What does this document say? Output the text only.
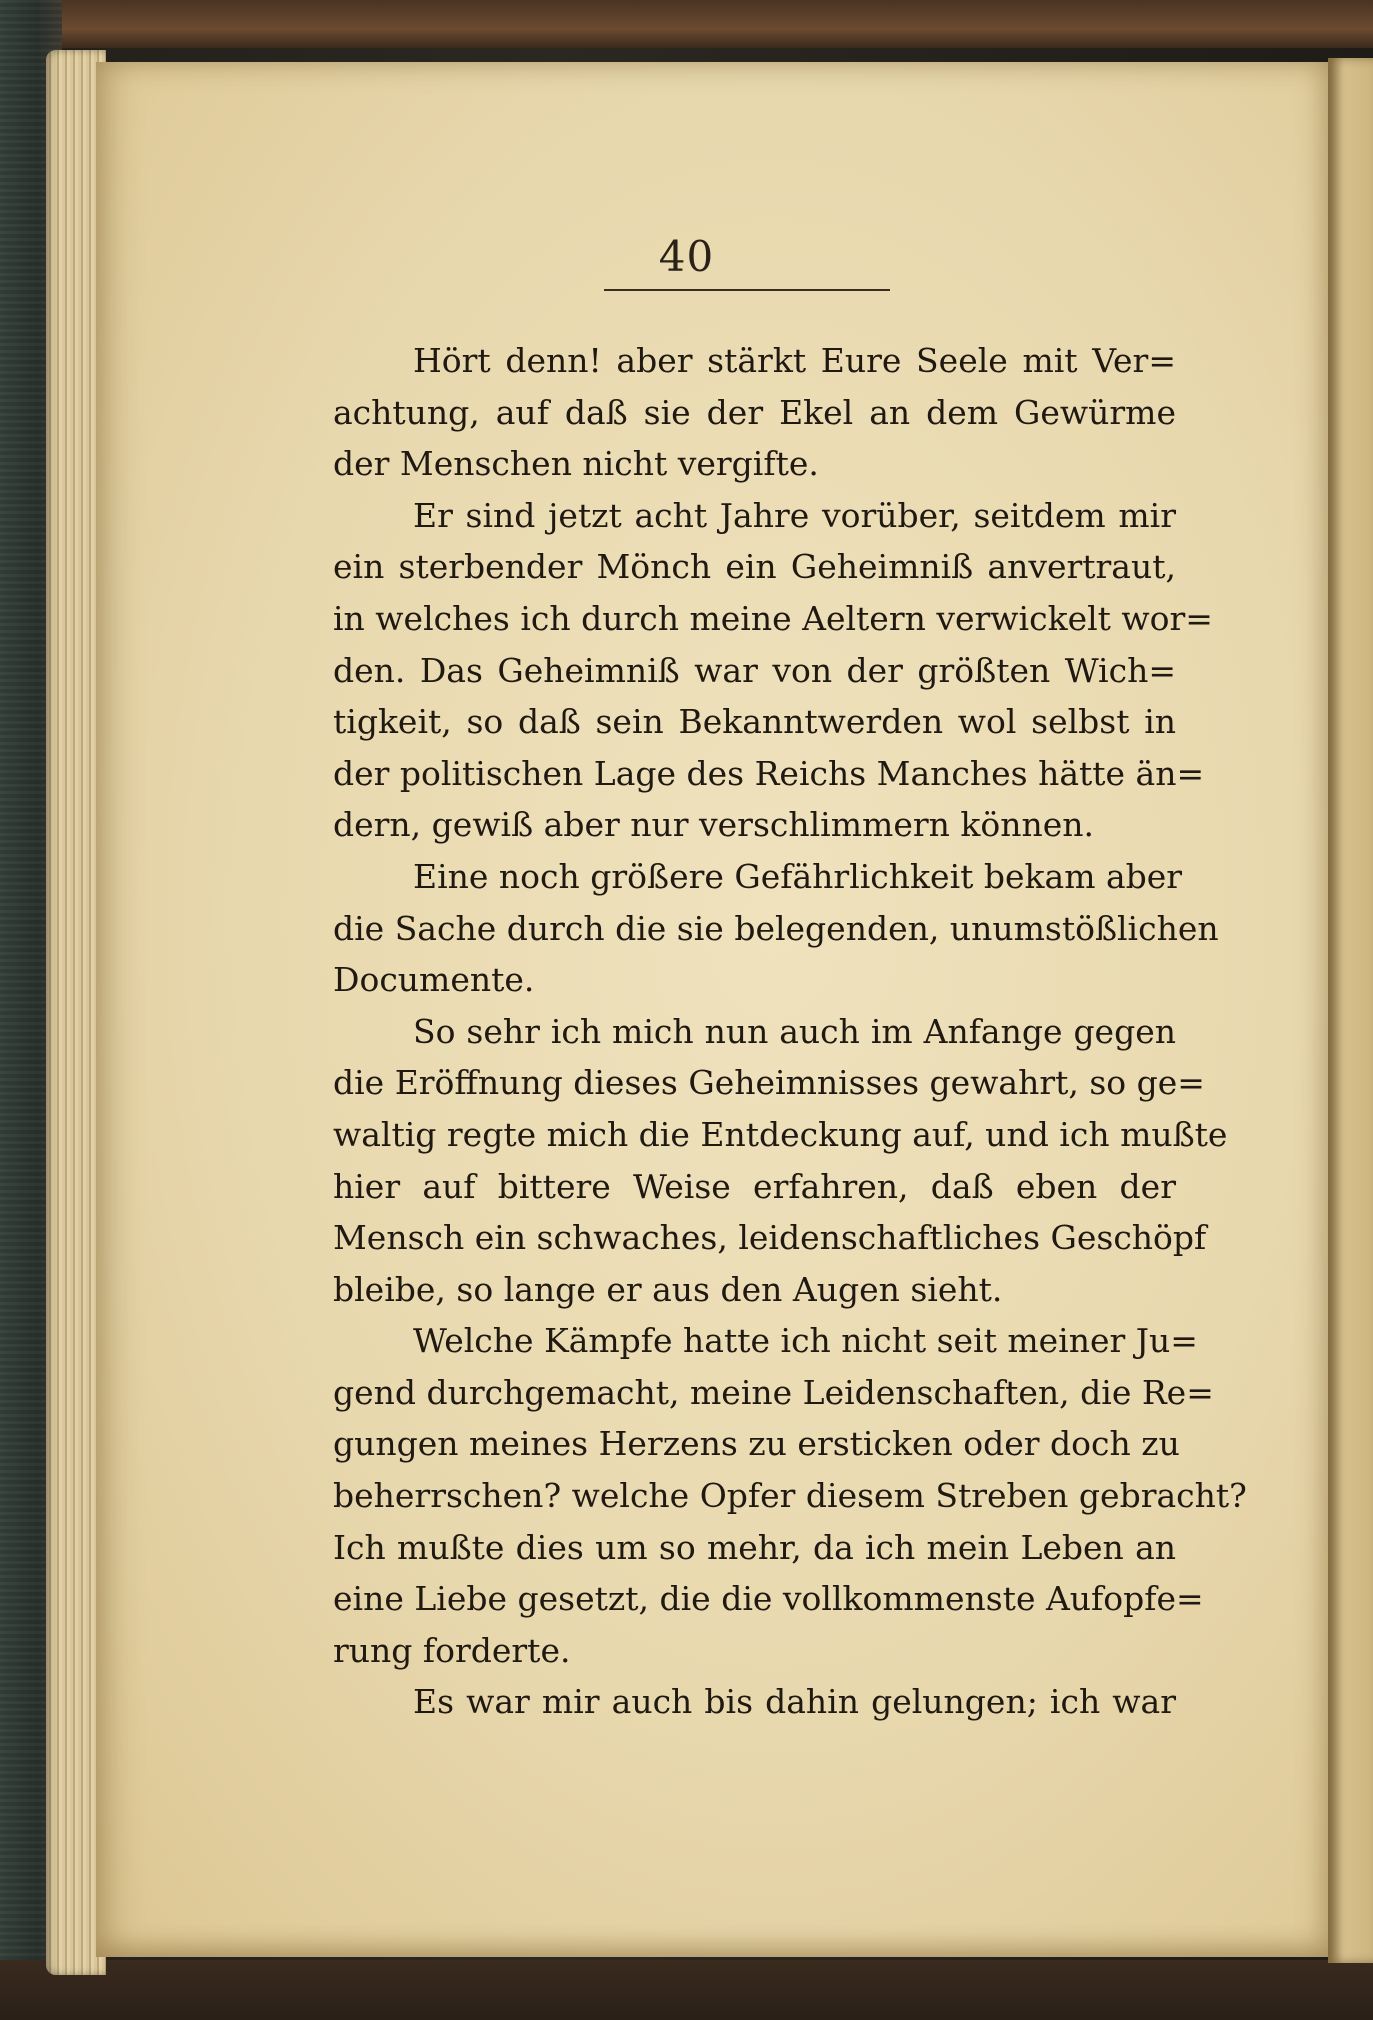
40
Hört denn! aber stärkt Eure Seele mit Ver=
achtung, auf daß sie der Ekel an dem Gewürme
der Menschen nicht vergifte.
Er sind jetzt acht Jahre vorüber, seitdem mir
ein sterbender Mönch ein Geheimniß anvertraut,
in welches ich durch meine Aeltern verwickelt wor=
den. Das Geheimniß war von der größten Wich=
tigkeit, so daß sein Bekanntwerden wol selbst in
der politischen Lage des Reichs Manches hätte än=
dern, gewiß aber nur verschlimmern können.
Eine noch größere Gefährlichkeit bekam aber
die Sache durch die sie belegenden, unumstößlichen
Documente.
So sehr ich mich nun auch im Anfange gegen
die Eröffnung dieses Geheimnisses gewahrt, so ge=
waltig regte mich die Entdeckung auf, und ich mußte
hier auf bittere Weise erfahren, daß eben der
Mensch ein schwaches, leidenschaftliches Geschöpf
bleibe, so lange er aus den Augen sieht.
Welche Kämpfe hatte ich nicht seit meiner Ju=
gend durchgemacht, meine Leidenschaften, die Re=
gungen meines Herzens zu ersticken oder doch zu
beherrschen? welche Opfer diesem Streben gebracht?
Ich mußte dies um so mehr, da ich mein Leben an
eine Liebe gesetzt, die die vollkommenste Aufopfe=
rung forderte.
Es war mir auch bis dahin gelungen; ich war
